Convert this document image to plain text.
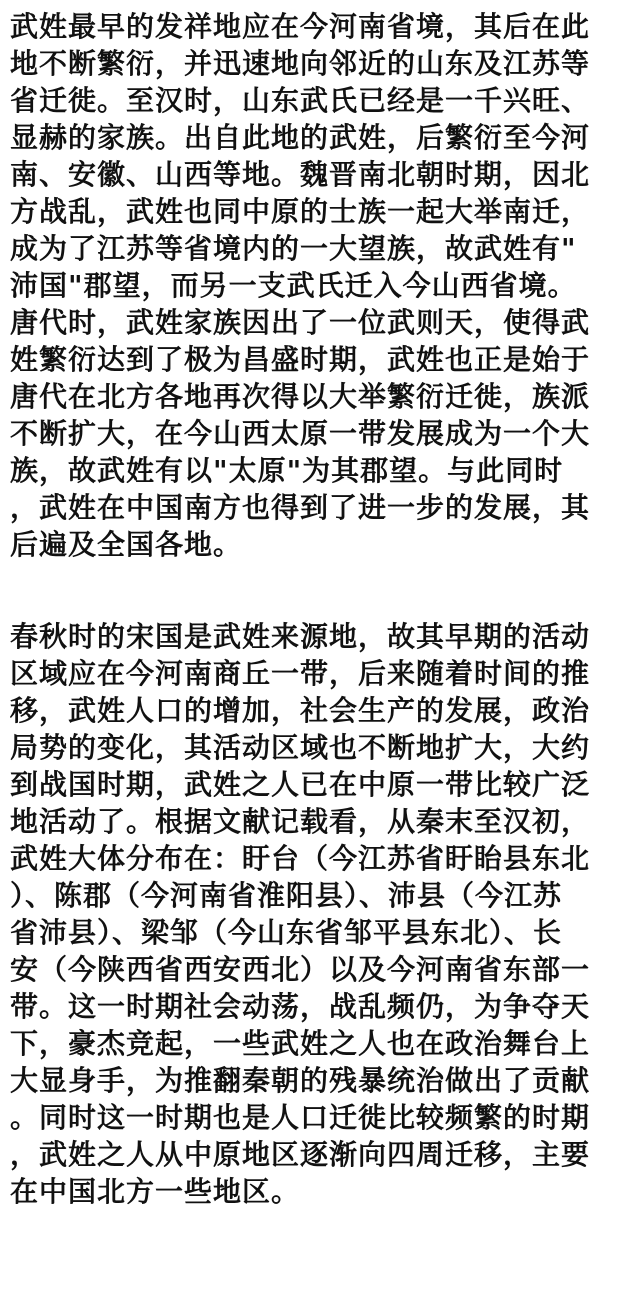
武姓最早的发祥地应在今河南省境，其后在此
地不断繁衍，并迅速地向邻近的山东及江苏等
省迁徙。至汉时，山东武氏已经是一千兴旺、
显赫的家族。出自此地的武姓，后繁衍至今河
南、安徽、山西等地。魏晋南北朝时期，因北
方战乱，武姓也同中原的士族一起大举南迁，
成为了江苏等省境内的一大望族，故武姓有"
沛国"郡望，而另一支武氏迁入今山西省境。
唐代时，武姓家族因出了一位武则天，使得武
姓繁衍达到了极为昌盛时期，武姓也正是始于
唐代在北方各地再次得以大举繁衍迁徙，族派
不断扩大，在今山西太原一带发展成为一个大
族，故武姓有以"太原"为其郡望。与此同时
，武姓在中国南方也得到了进一步的发展，其
后遍及全国各地。
春秋时的宋国是武姓来源地，故其早期的活动
区域应在今河南商丘一带，后来随着时间的推
移，武姓人口的增加，社会生产的发展，政治
局势的变化，其活动区域也不断地扩大，大约
到战国时期，武姓之人已在中原一带比较广泛
地活动了。根据文献记载看，从秦末至汉初，
武姓大体分布在：盱台（今江苏省盱眙县东北
）、陈郡（今河南省淮阳县）、沛县（今江苏
省沛县）、梁邹（今山东省邹平县东北）、长
安（今陕西省西安西北）以及今河南省东部一
带。这一时期社会动荡，战乱频仍，为争夺天
下，豪杰竞起，一些武姓之人也在政治舞台上
大显身手，为推翻秦朝的残暴统治做出了贡献
。同时这一时期也是人口迁徙比较频繁的时期
，武姓之人从中原地区逐渐向四周迁移，主要
在中国北方一些地区。
